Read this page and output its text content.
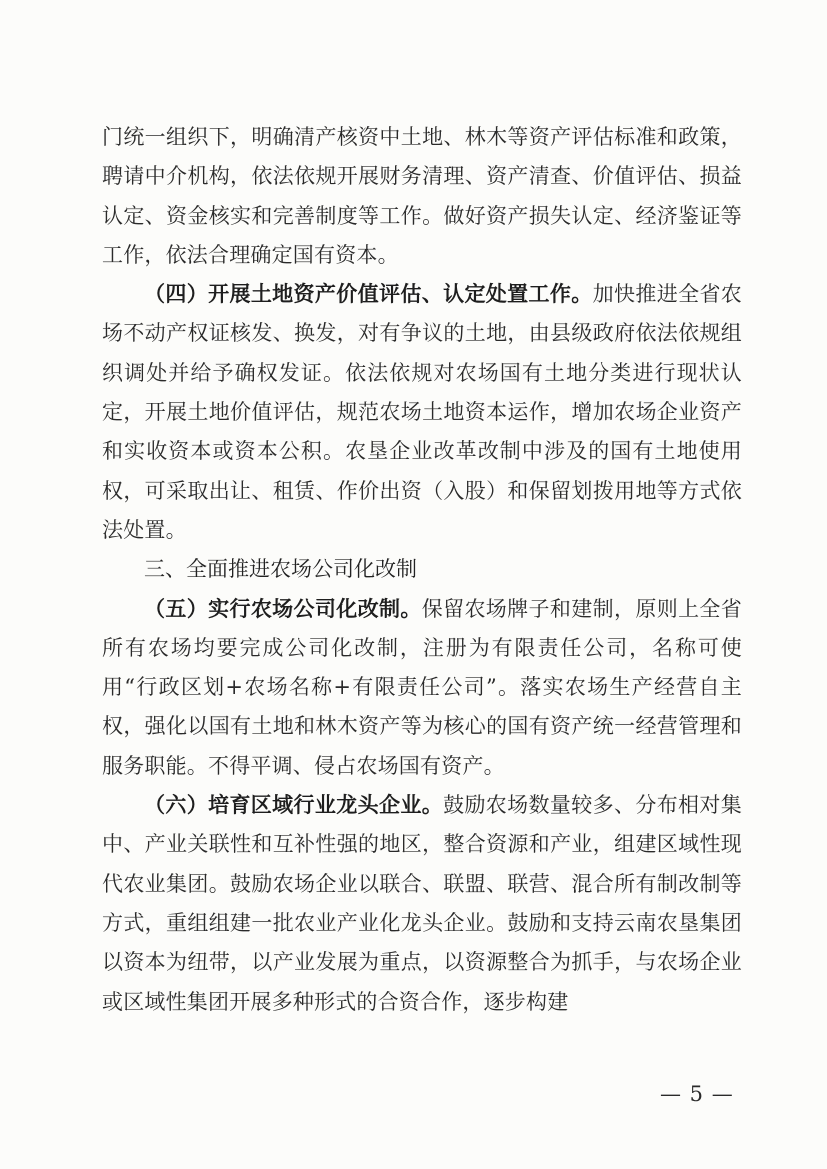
门统一组织下，明确清产核资中土地、林木等资产评估标准和政策，聘请中介机构，依法依规开展财务清理、资产清查、价值评估、损益认定、资金核实和完善制度等工作。做好资产损失认定、经济鉴证等工作，依法合理确定国有资本。

（四）开展土地资产价值评估、认定处置工作。加快推进全省农场不动产权证核发、换发，对有争议的土地，由县级政府依法依规组织调处并给予确权发证。依法依规对农场国有土地分类进行现状认定，开展土地价值评估，规范农场土地资本运作，增加农场企业资产和实收资本或资本公积。农垦企业改革改制中涉及的国有土地使用权，可采取出让、租赁、作价出资（入股）和保留划拨用地等方式依法处置。

三、全面推进农场公司化改制

（五）实行农场公司化改制。保留农场牌子和建制，原则上全省所有农场均要完成公司化改制，注册为有限责任公司，名称可使用“行政区划+农场名称+有限责任公司”。落实农场生产经营自主权，强化以国有土地和林木资产等为核心的国有资产统一经营管理和服务职能。不得平调、侵占农场国有资产。

（六）培育区域行业龙头企业。鼓励农场数量较多、分布相对集中、产业关联性和互补性强的地区，整合资源和产业，组建区域性现代农业集团。鼓励农场企业以联合、联盟、联营、混合所有制改制等方式，重组组建一批农业产业化龙头企业。鼓励和支持云南农垦集团以资本为纽带，以产业发展为重点，以资源整合为抓手，与农场企业或区域性集团开展多种形式的合资合作，逐步构建

— 5 —
